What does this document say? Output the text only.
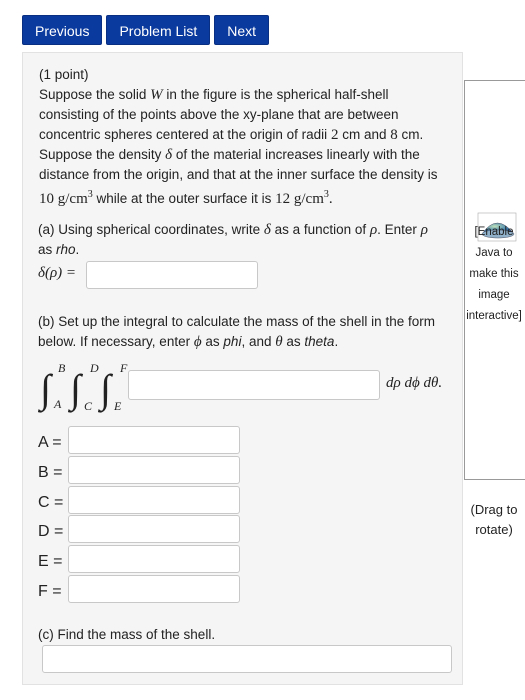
Previous	Problem List	Next
(1 point)
Suppose the solid W in the figure is the spherical half-shell
consisting of the points above the xy-plane that are between
concentric spheres centered at the origin of radii 2 cm and 8 cm.
Suppose the density δ of the material increases linearly with the
distance from the origin, and that at the inner surface the density is
10 $g/cm^3$ while at the outer surface it is 12 $g/cm^3$.
(a) Using spherical coordinates, write δ as a function of ρ. Enter ρ
as rho.
δ(ρ) =
(b) Set up the integral to calculate the mass of the shell in the form
below. If necessary, enter ϕ as phi, and θ as theta.
∫ ∫ ∫
B
A
D
C
F
E
dρ dϕ dθ.
A =
B =
C =
D =
E =
F =
(c) Find the mass of the shell.
[Enable Java to make this image interactive]
(Drag to rotate)
